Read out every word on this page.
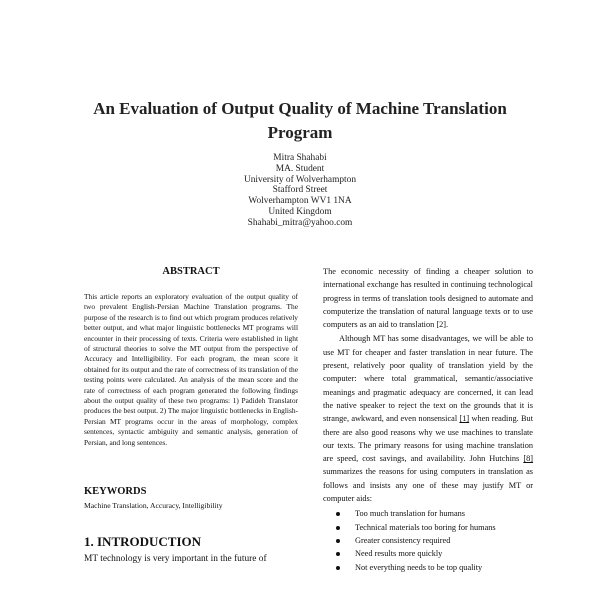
An Evaluation of Output Quality of Machine Translation
Program
Mitra Shahabi
MA. Student
University of Wolverhampton
Stafford Street
Wolverhampton WV1 1NA
United Kingdom
Shahabi_mitra@yahoo.com
ABSTRACT

This article reports an exploratory evaluation of the output quality of two prevalent English-Persian Machine Translation programs. The purpose of the research is to find out which program produces relatively better output, and what major linguistic bottlenecks MT programs will encounter in their processing of texts. Criteria were established in light of structural theories to solve the MT output from the perspective of Accuracy and Intelligibility. For each program, the mean score it obtained for its output and the rate of correctness of its translation of the testing points were calculated. An analysis of the mean score and the rate of correctness of each program generated the following findings about the output quality of these two programs: 1) Padideh Translator produces the best output. 2) The major linguistic bottlenecks in English-Persian MT programs occur in the areas of morphology, complex sentences, syntactic ambiguity and semantic analysis, generation of Persian, and long sentences.

KEYWORDS

Machine Translation, Accuracy, Intelligibility

1. INTRODUCTION

MT technology is very important in the future of

The economic necessity of finding a cheaper solution to international exchange has resulted in continuing technological progress in terms of translation tools designed to automate and computerize the translation of natural language texts or to use computers as an aid to translation [2].

Although MT has some disadvantages, we will be able to use MT for cheaper and faster translation in near future. The present, relatively poor quality of translation yield by the computer: where total grammatical, semantic/associative meanings and pragmatic adequacy are concerned, it can lead the native speaker to reject the text on the grounds that it is strange, awkward, and even nonsensical [1] when reading. But there are also good reasons why we use machines to translate our texts. The primary reasons for using machine translation are speed, cost savings, and availability. John Hutchins [8] summarizes the reasons for using computers in translation as follows and insists any one of these may justify MT or computer aids:

Too much translation for humans
Technical materials too boring for humans
Greater consistency required
Need results more quickly
Not everything needs to be top quality
